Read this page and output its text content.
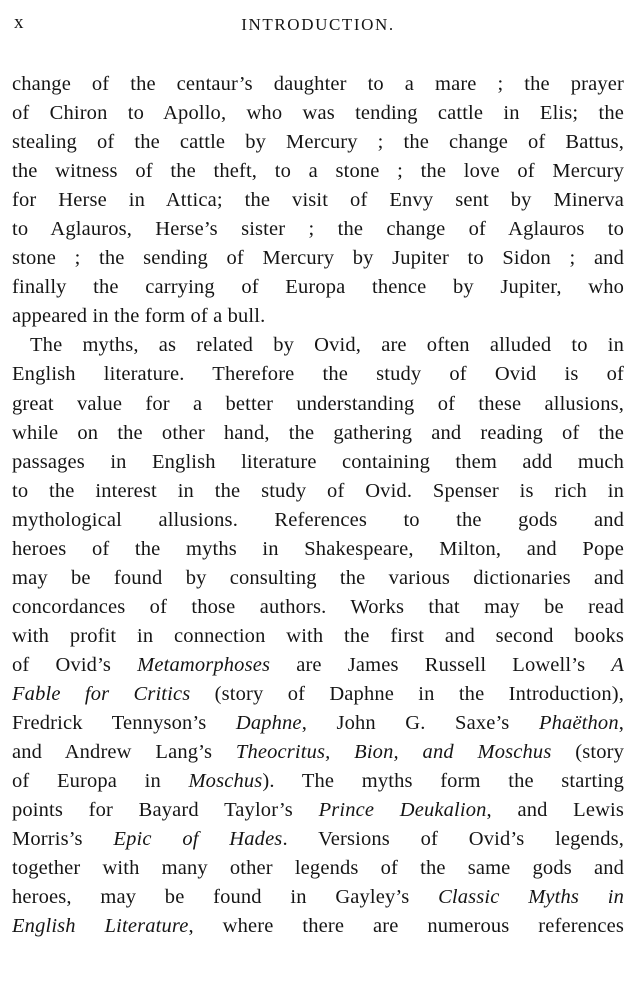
x	INTRODUCTION.
change of the centaur’s daughter to a mare ; the prayer
of Chiron to Apollo, who was tending cattle in Elis; the
stealing of the cattle by Mercury ; the change of Battus,
the witness of the theft, to a stone ; the love of Mercury
for Herse in Attica; the visit of Envy sent by Minerva
to Aglauros, Herse’s sister ; the change of Aglauros to
stone ; the sending of Mercury by Jupiter to Sidon ; and
finally the carrying of Europa thence by Jupiter, who
appeared in the form of a bull.
The myths, as related by Ovid, are often alluded to in
English literature. Therefore the study of Ovid is of
great value for a better understanding of these allusions,
while on the other hand, the gathering and reading of the
passages in English literature containing them add much
to the interest in the study of Ovid. Spenser is rich in
mythological allusions. References to the gods and
heroes of the myths in Shakespeare, Milton, and Pope
may be found by consulting the various dictionaries and
concordances of those authors. Works that may be read
with profit in connection with the first and second books
of Ovid’s Metamorphoses are James Russell Lowell’s A
Fable for Critics (story of Daphne in the Introduction),
Fredrick Tennyson’s Daphne, John G. Saxe’s Phaëthon,
and Andrew Lang’s Theocritus, Bion, and Moschus (story
of Europa in Moschus). The myths form the starting
points for Bayard Taylor’s Prince Deukalion, and Lewis
Morris’s Epic of Hades. Versions of Ovid’s legends,
together with many other legends of the same gods and
heroes, may be found in Gayley’s Classic Myths in
English Literature, where there are numerous references
